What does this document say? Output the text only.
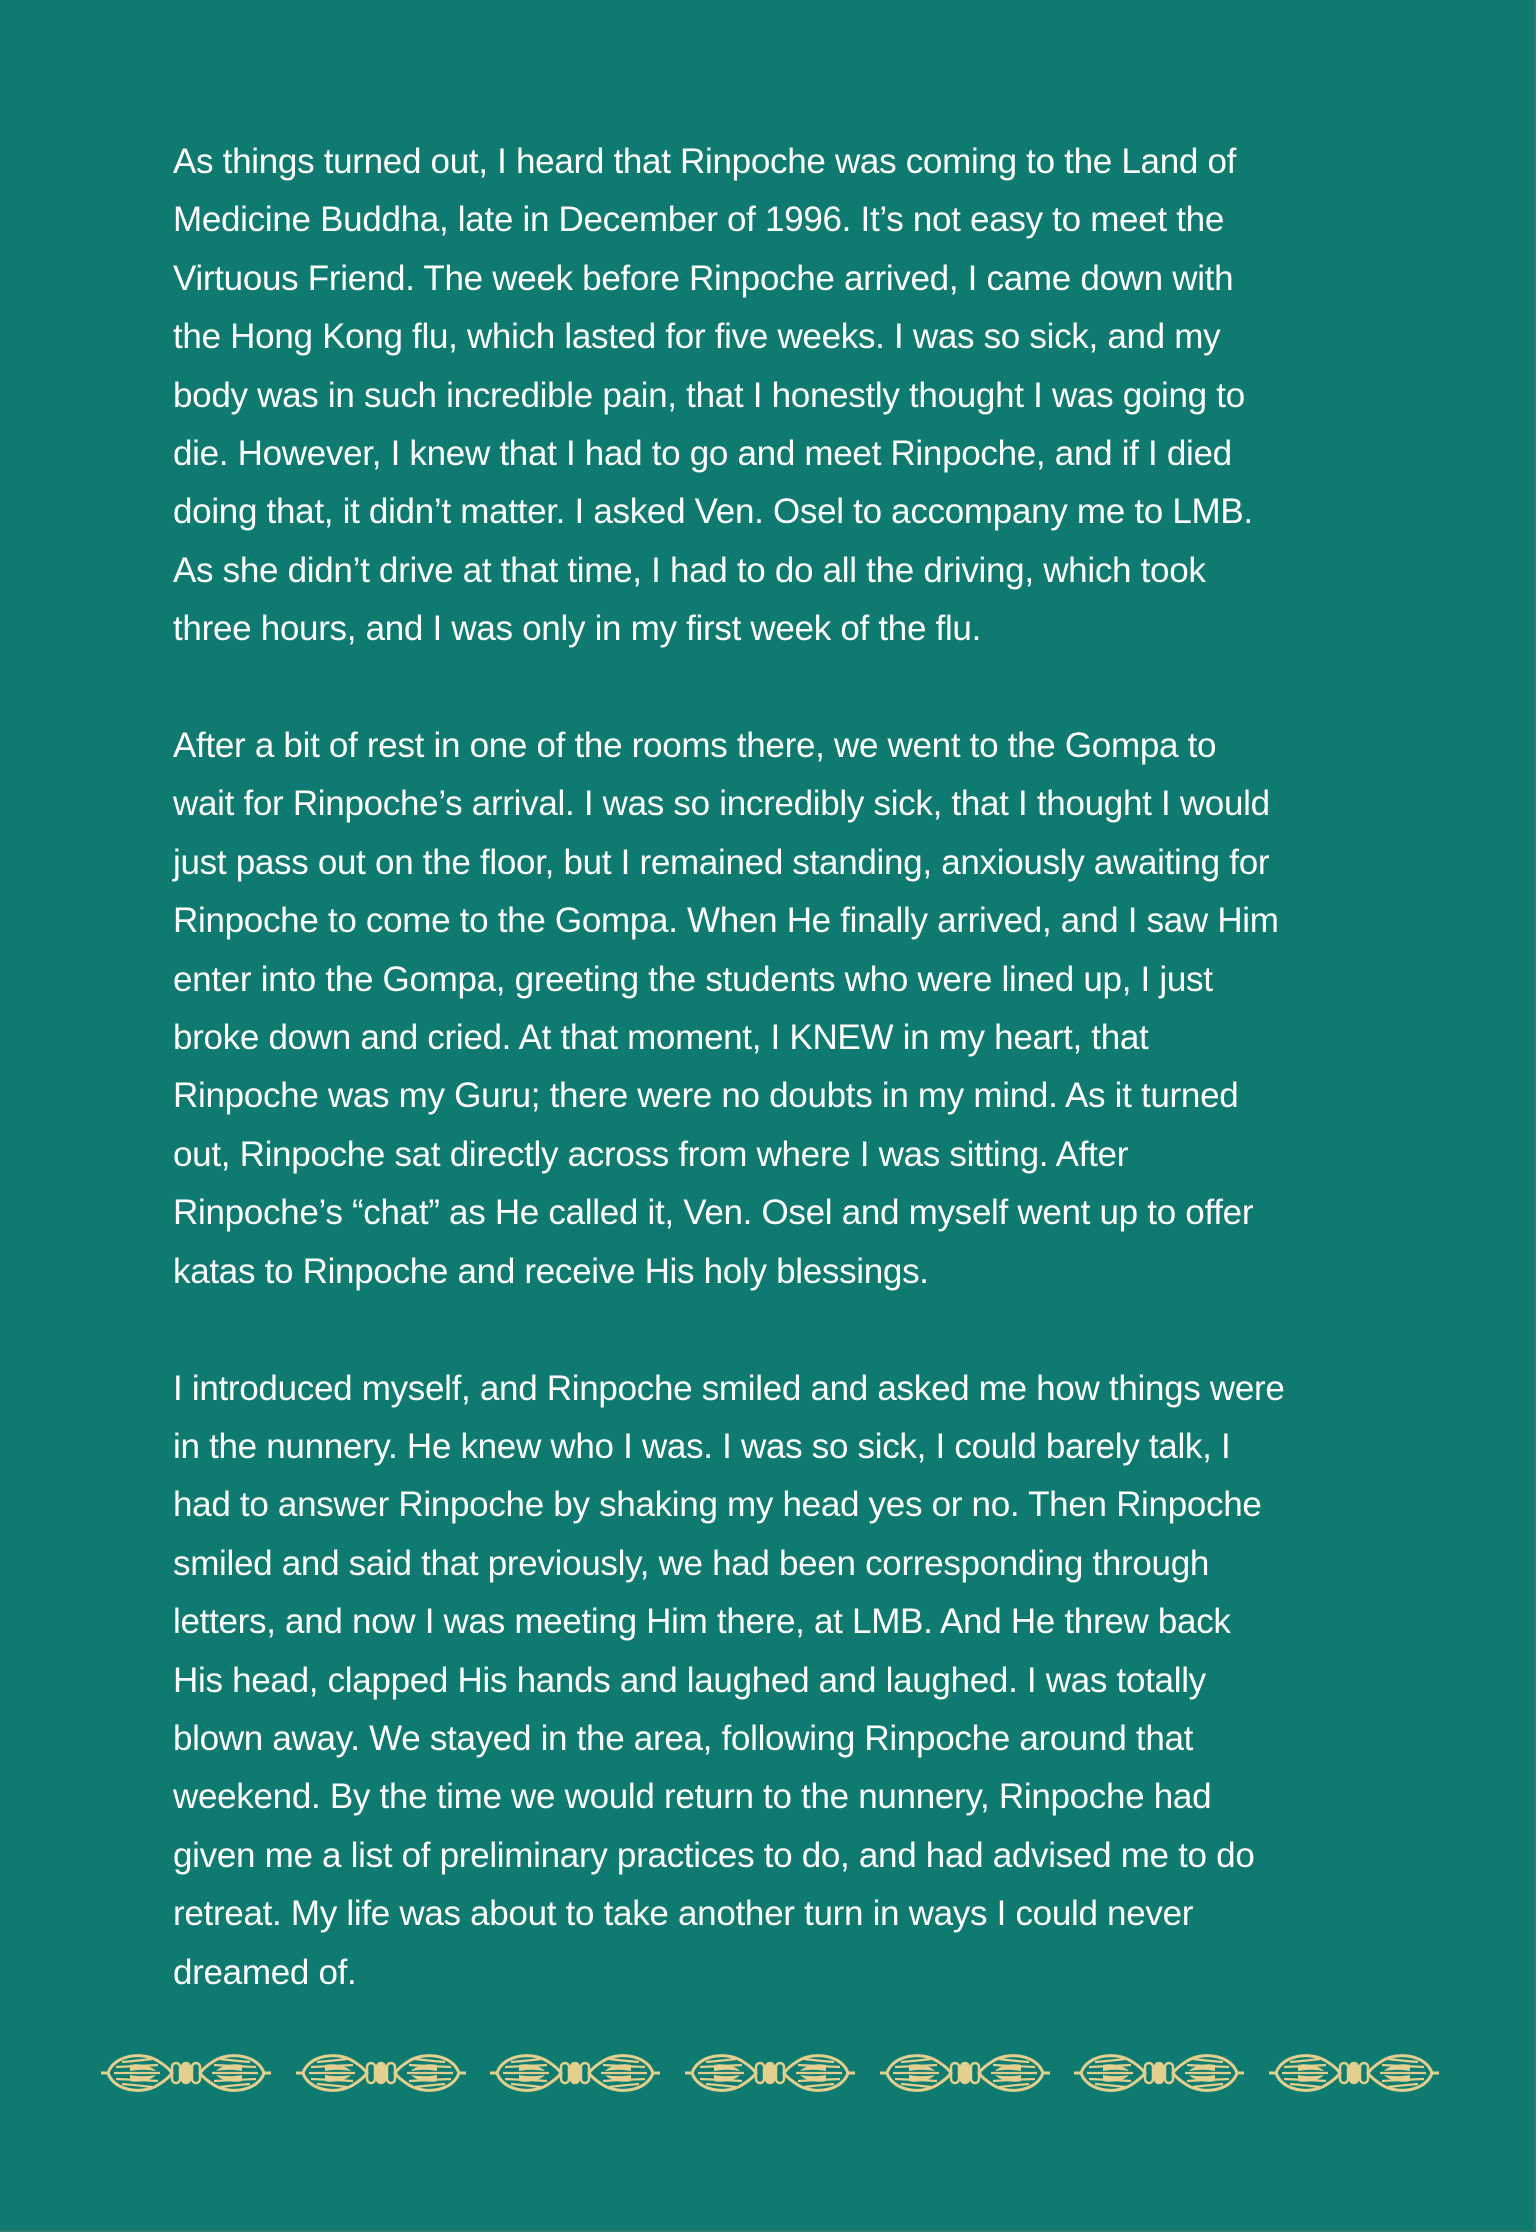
As things turned out, I heard that Rinpoche was coming to the Land of
Medicine Buddha, late in December of 1996. It’s not easy to meet the
Virtuous Friend. The week before Rinpoche arrived, I came down with
the Hong Kong flu, which lasted for five weeks. I was so sick, and my
body was in such incredible pain, that I honestly thought I was going to
die. However, I knew that I had to go and meet Rinpoche, and if I died
doing that, it didn’t matter. I asked Ven. Osel to accompany me to LMB.
As she didn’t drive at that time, I had to do all the driving, which took
three hours, and I was only in my first week of the flu.
After a bit of rest in one of the rooms there, we went to the Gompa to
wait for Rinpoche’s arrival. I was so incredibly sick, that I thought I would
just pass out on the floor, but I remained standing, anxiously awaiting for
Rinpoche to come to the Gompa. When He finally arrived, and I saw Him
enter into the Gompa, greeting the students who were lined up, I just
broke down and cried. At that moment, I KNEW in my heart, that
Rinpoche was my Guru; there were no doubts in my mind. As it turned
out, Rinpoche sat directly across from where I was sitting. After
Rinpoche’s “chat” as He called it, Ven. Osel and myself went up to offer
katas to Rinpoche and receive His holy blessings.
I introduced myself, and Rinpoche smiled and asked me how things were
in the nunnery. He knew who I was. I was so sick, I could barely talk, I
had to answer Rinpoche by shaking my head yes or no. Then Rinpoche
smiled and said that previously, we had been corresponding through
letters, and now I was meeting Him there, at LMB. And He threw back
His head, clapped His hands and laughed and laughed. I was totally
blown away. We stayed in the area, following Rinpoche around that
weekend. By the time we would return to the nunnery, Rinpoche had
given me a list of preliminary practices to do, and had advised me to do
retreat. My life was about to take another turn in ways I could never
dreamed of.
